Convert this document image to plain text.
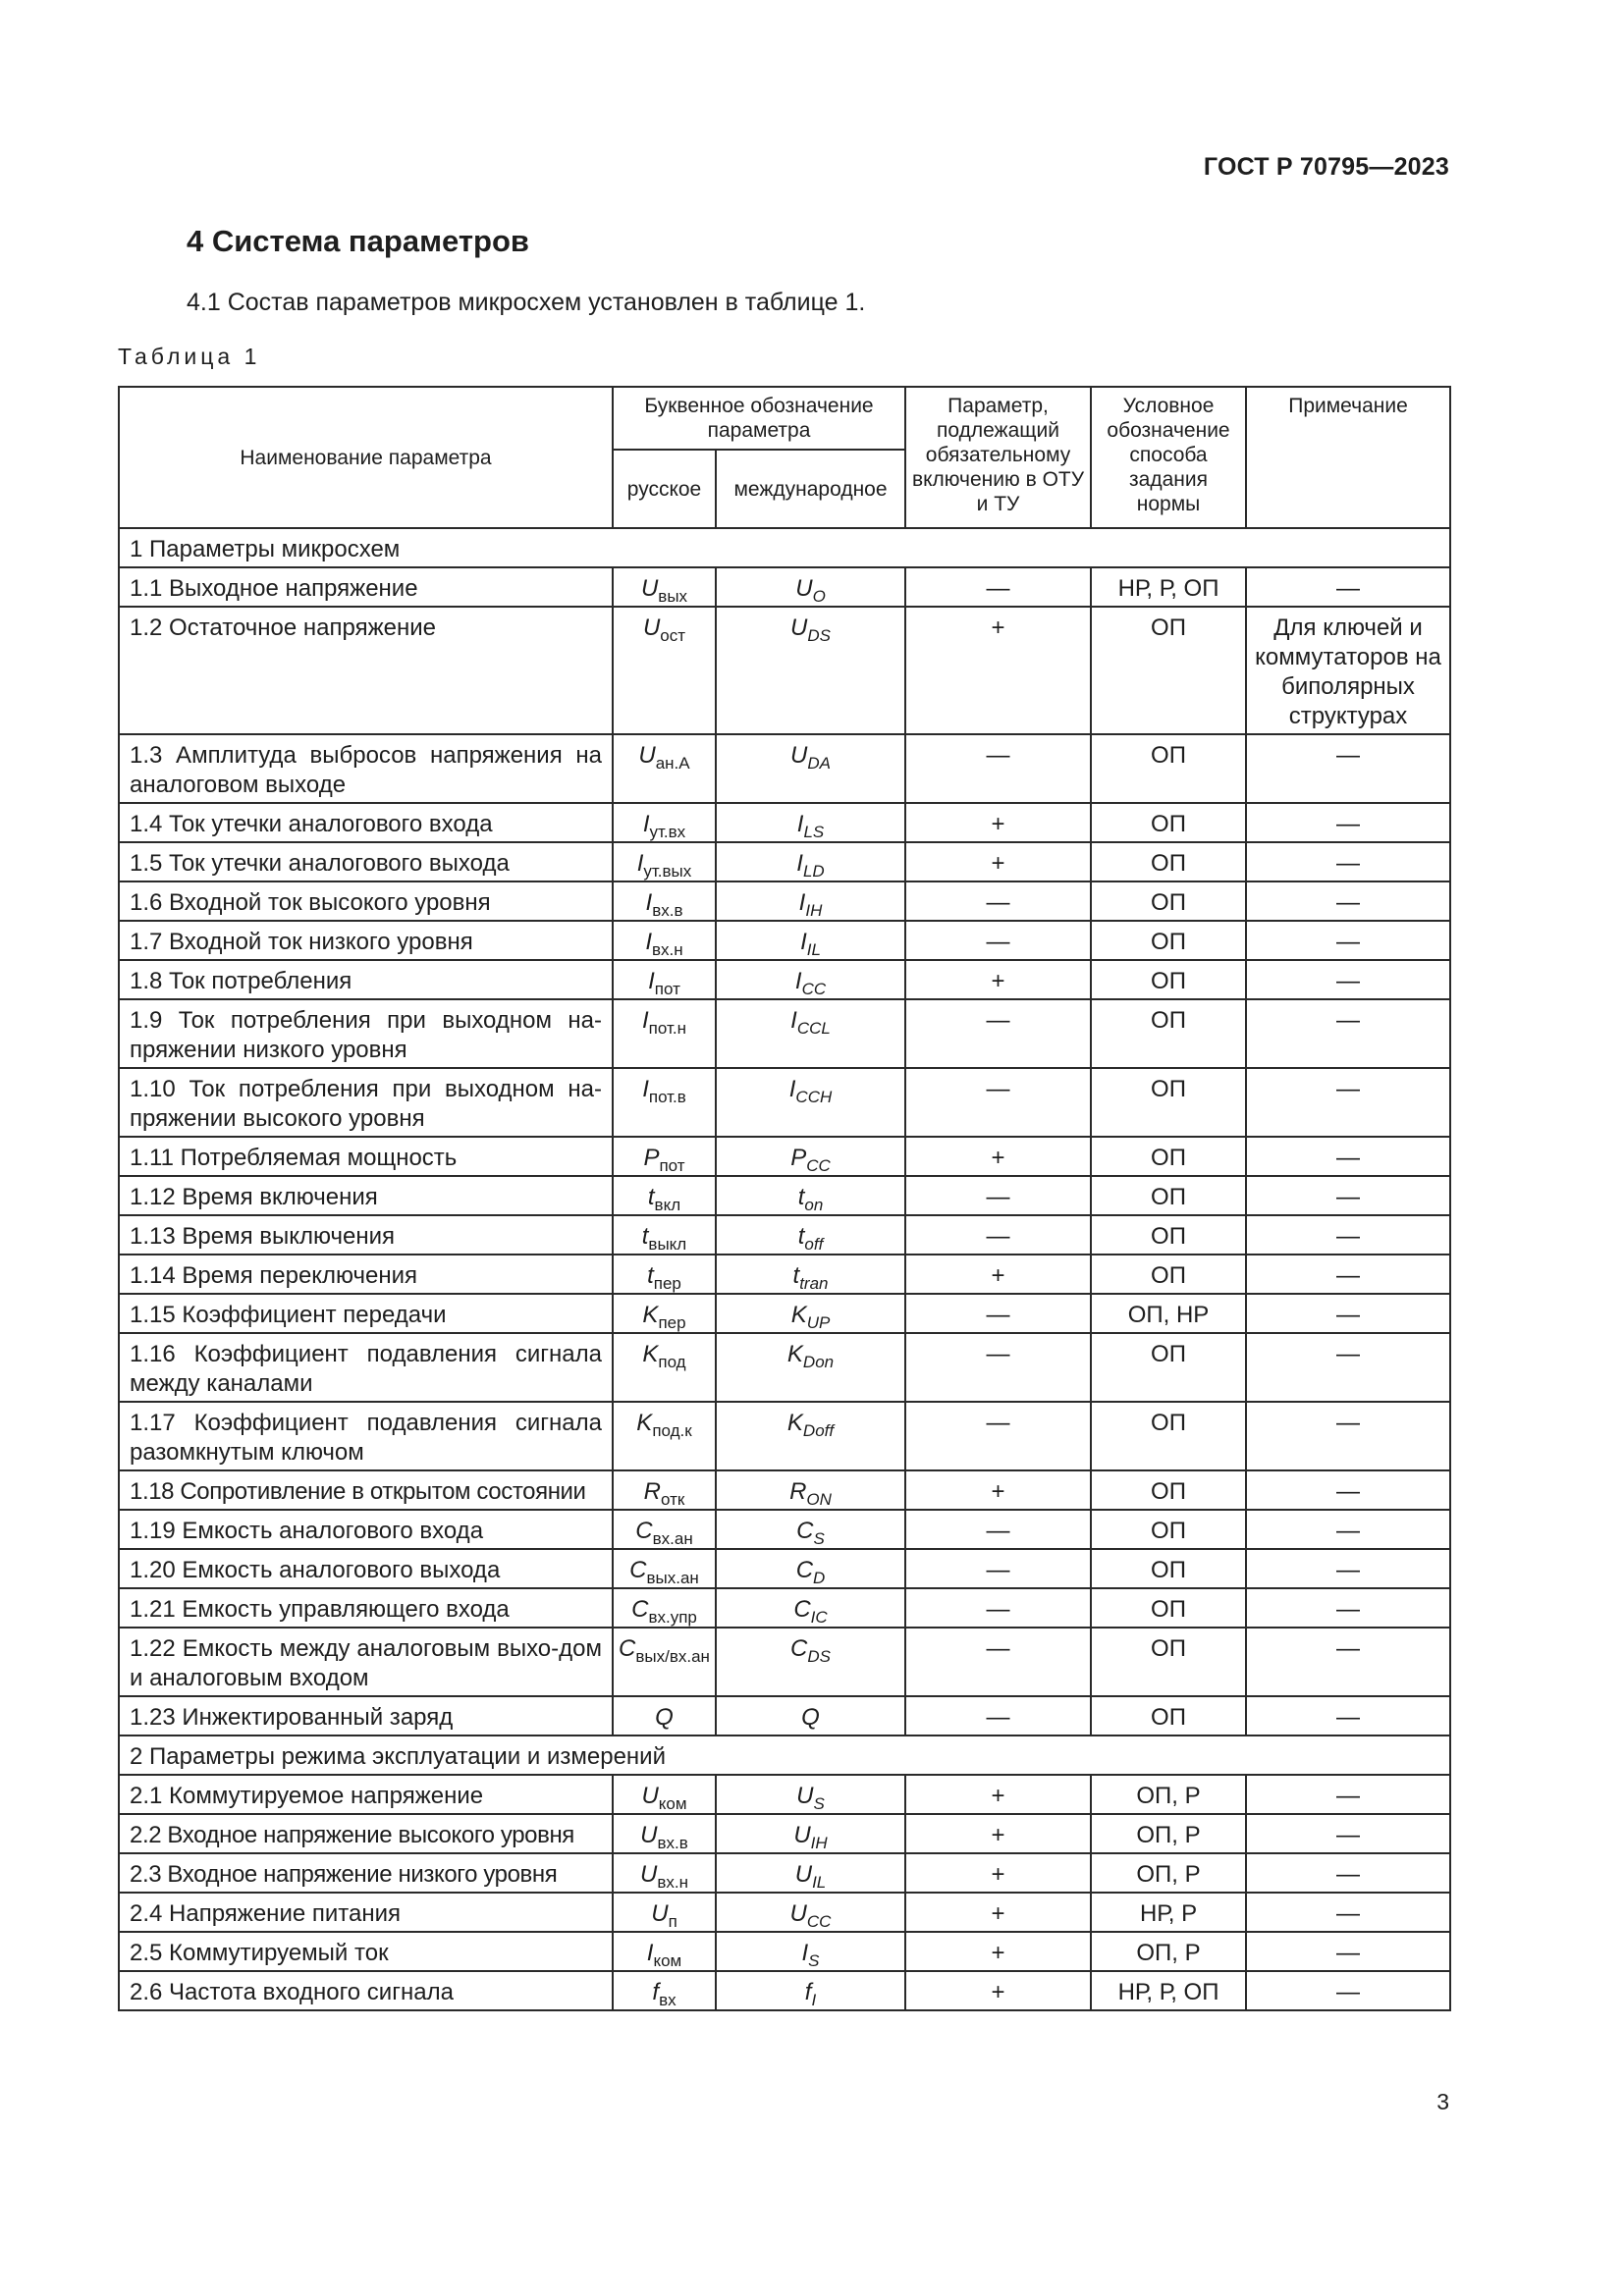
ГОСТ Р 70795—2023
4 Система параметров
4.1 Состав параметров микросхем установлен в таблице 1.
Таблица 1
Наименование параметра	Буквенное обозначение параметра		Параметр, подлежащий обязательному включению в ОТУ и ТУ	Условное обозначение способа задания нормы	Примечание
	русское	международное			
1 Параметры микросхем					
1.1 Выходное напряжение	$U_{вых}$	$U_O$	—	НР, Р, ОП	—
1.2 Остаточное напряжение	$U_{ост}$	$U_{DS}$	+	ОП	Для ключей и коммутаторов на биполярных структурах
1.3 Амплитуда выбросов напряжения на аналоговом выходе	$U_{ан.А}$	$U_{DA}$	—	ОП	—
1.4 Ток утечки аналогового входа	$I_{ут.вх}$	$I_{LS}$	+	ОП	—
1.5 Ток утечки аналогового выхода	$I_{ут.вых}$	$I_{LD}$	+	ОП	—
1.6 Входной ток высокого уровня	$I_{вх.в}$	$I_{IH}$	—	ОП	—
1.7 Входной ток низкого уровня	$I_{вх.н}$	$I_{IL}$	—	ОП	—
1.8 Ток потребления	$I_{пот}$	$I_{CC}$	+	ОП	—
1.9 Ток потребления при выходном на-пряжении низкого уровня	$I_{пот.н}$	$I_{CCL}$	—	ОП	—
1.10 Ток потребления при выходном на-пряжении высокого уровня	$I_{пот.в}$	$I_{CCH}$	—	ОП	—
1.11 Потребляемая мощность	$P_{пот}$	$P_{CC}$	+	ОП	—
1.12 Время включения	$t_{вкл}$	$t_{on}$	—	ОП	—
1.13 Время выключения	$t_{выкл}$	$t_{off}$	—	ОП	—
1.14 Время переключения	$t_{пер}$	$t_{tran}$	+	ОП	—
1.15 Коэффициент передачи	$K_{пер}$	$K_{UP}$	—	ОП, НР	—
1.16 Коэффициент подавления сигнала между каналами	$K_{под}$	$K_{Don}$	—	ОП	—
1.17 Коэффициент подавления сигнала разомкнутым ключом	$K_{под.к}$	$K_{Doff}$	—	ОП	—
1.18 Сопротивление в открытом состоянии	$R_{отк}$	$R_{ON}$	+	ОП	—
1.19 Емкость аналогового входа	$C_{вх.ан}$	$C_S$	—	ОП	—
1.20 Емкость аналогового выхода	$C_{вых.ан}$	$C_D$	—	ОП	—
1.21 Емкость управляющего входа	$C_{вх.упр}$	$C_{IC}$	—	ОП	—
1.22 Емкость между аналоговым выхо-дом и аналоговым входом	$C_{вых/вх.ан}$	$C_{DS}$	—	ОП	—
1.23 Инжектированный заряд	Q	Q	—	ОП	—
2 Параметры режима эксплуатации и измерений					
2.1 Коммутируемое напряжение	$U_{ком}$	$U_S$	+	ОП, Р	—
2.2 Входное напряжение высокого уровня	$U_{вх.в}$	$U_{IH}$	+	ОП, Р	—
2.3 Входное напряжение низкого уровня	$U_{вх.н}$	$U_{IL}$	+	ОП, Р	—
2.4 Напряжение питания	$U_п$	$U_{CC}$	+	НР, Р	—
2.5 Коммутируемый ток	$I_{ком}$	$I_S$	+	ОП, Р	—
2.6 Частота входного сигнала	$f_{вх}$	$f_I$	+	НР, Р, ОП	—
3
